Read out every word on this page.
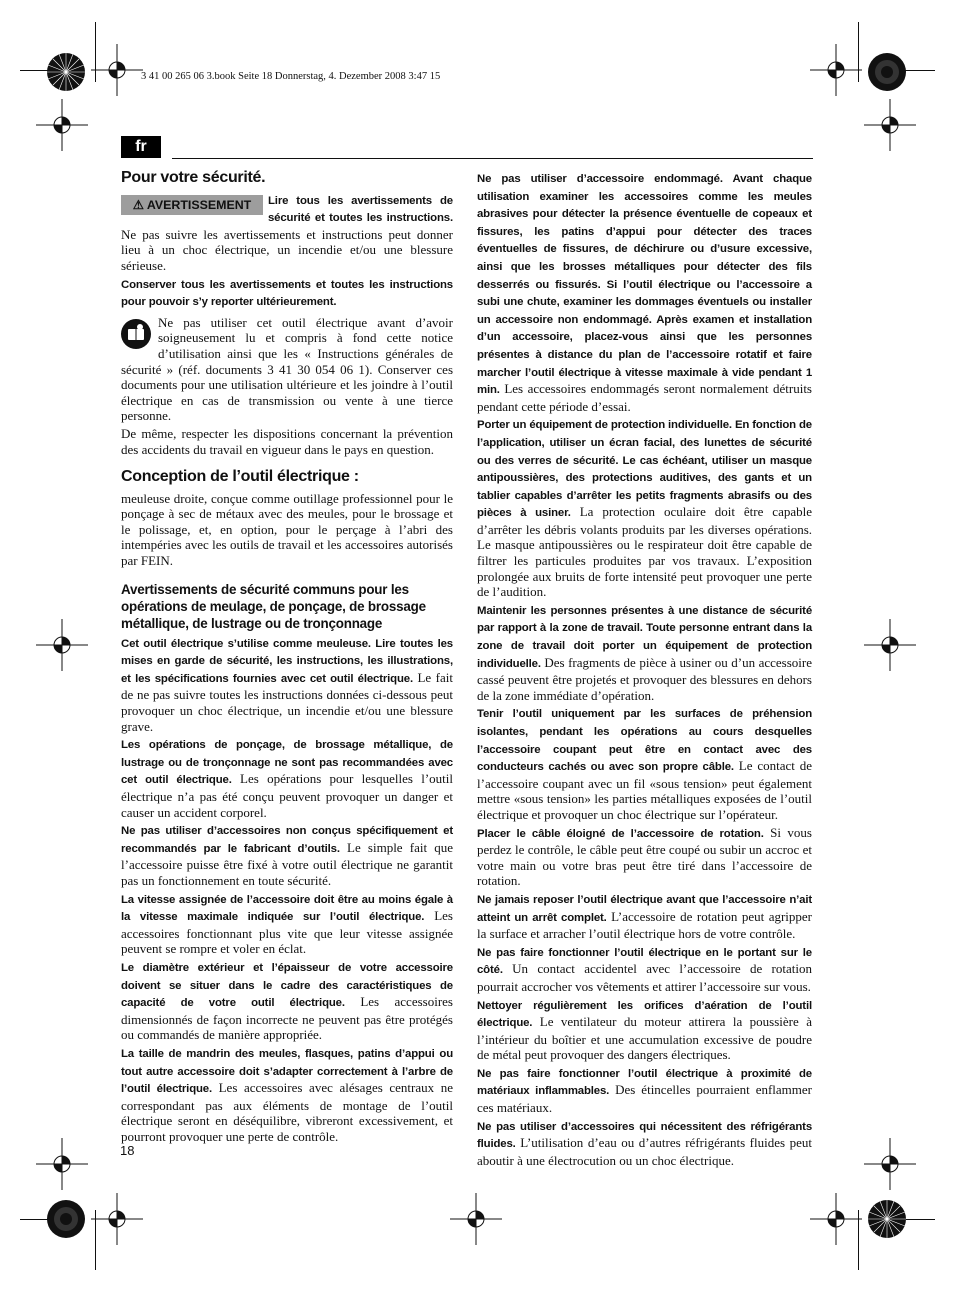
3 41 00 265 06 3.book Seite 18 Donnerstag, 4. Dezember 2008 3:47 15
fr
Pour votre sécurité.

⚠ AVERTISSEMENT	Lire tous les avertissements de sécurité et toutes les instructions. Ne pas suivre les avertissements et instructions peut donner lieu à un choc électrique, un incendie et/ou une blessure sérieuse.

Conserver tous les avertissements et toutes les instructions pour pouvoir s’y reporter ultérieurement.

Ne pas utiliser cet outil électrique avant d’avoir soigneusement lu et compris à fond cette notice d’utilisation ainsi que les « Instructions générales de sécurité » (réf. documents 3 41 30 054 06 1). Conserver ces documents pour une utilisation ultérieure et les joindre à l’outil électrique en cas de transmission ou vente à une tierce personne.

De même, respecter les dispositions concernant la prévention des accidents du travail en vigueur dans le pays en question.

Conception de l’outil électrique :

meuleuse droite, conçue comme outillage professionnel pour le ponçage à sec de métaux avec des meules, pour le brossage et le polissage, et, en option, pour le perçage à l’abri des intempéries avec les outils de travail et les accessoires autorisés par FEIN.

Avertissements de sécurité communs pour les opérations de meulage, de ponçage, de brossage métallique, de lustrage ou de tronçonnage

Cet outil électrique s’utilise comme meuleuse. Lire toutes les mises en garde de sécurité, les instructions, les illustrations, et les spécifications fournies avec cet outil électrique. Le fait de ne pas suivre toutes les instructions données ci-dessous peut provoquer un choc électrique, un incendie et/ou une blessure grave.

Les opérations de ponçage, de brossage métallique, de lustrage ou de tronçonnage ne sont pas recommandées avec cet outil électrique. Les opérations pour lesquelles l’outil électrique n’a pas été conçu peuvent provoquer un danger et causer un accident corporel.

Ne pas utiliser d’accessoires non conçus spécifiquement et recommandés par le fabricant d’outils. Le simple fait que l’accessoire puisse être fixé à votre outil électrique ne garantit pas un fonctionnement en toute sécurité.

La vitesse assignée de l’accessoire doit être au moins égale à la vitesse maximale indiquée sur l’outil électrique. Les accessoires fonctionnant plus vite que leur vitesse assignée peuvent se rompre et voler en éclat.

Le diamètre extérieur et l’épaisseur de votre accessoire doivent se situer dans le cadre des caractéristiques de capacité de votre outil électrique. Les accessoires dimensionnés de façon incorrecte ne peuvent pas être protégés ou commandés de manière appropriée.

La taille de mandrin des meules, flasques, patins d’appui ou tout autre accessoire doit s’adapter correctement à l’arbre de l’outil électrique. Les accessoires avec alésages centraux ne correspondant pas aux éléments de montage de l’outil électrique seront en déséquilibre, vibreront excessivement, et pourront provoquer une perte de contrôle.

Ne pas utiliser d’accessoire endommagé. Avant chaque utilisation examiner les accessoires comme les meules abrasives pour détecter la présence éventuelle de copeaux et fissures, les patins d’appui pour détecter des traces éventuelles de fissures, de déchirure ou d’usure excessive, ainsi que les brosses métalliques pour détecter des fils desserrés ou fissurés. Si l’outil électrique ou l’accessoire a subi une chute, examiner les dommages éventuels ou installer un accessoire non endommagé. Après examen et installation d’un accessoire, placez-vous ainsi que les personnes présentes à distance du plan de l’accessoire rotatif et faire marcher l’outil électrique à vitesse maximale à vide pendant 1 min. Les accessoires endommagés seront normalement détruits pendant cette période d’essai.

Porter un équipement de protection individuelle. En fonction de l’application, utiliser un écran facial, des lunettes de sécurité ou des verres de sécurité. Le cas échéant, utiliser un masque antipoussières, des protections auditives, des gants et un tablier capables d’arrêter les petits fragments abrasifs ou des pièces à usiner. La protection oculaire doit être capable d’arrêter les débris volants produits par les diverses opérations. Le masque antipoussières ou le respirateur doit être capable de filtrer les particules produites par vos travaux. L’exposition prolongée aux bruits de forte intensité peut provoquer une perte de l’audition.

Maintenir les personnes présentes à une distance de sécurité par rapport à la zone de travail. Toute personne entrant dans la zone de travail doit porter un équipement de protection individuelle. Des fragments de pièce à usiner ou d’un accessoire cassé peuvent être projetés et provoquer des blessures en dehors de la zone immédiate d’opération.

Tenir l’outil uniquement par les surfaces de préhension isolantes, pendant les opérations au cours desquelles l’accessoire coupant peut être en contact avec des conducteurs cachés ou avec son propre câble. Le contact de l’accessoire coupant avec un fil «sous tension» peut également mettre «sous tension» les parties métalliques exposées de l’outil électrique et provoquer un choc électrique sur l’opérateur.

Placer le câble éloigné de l’accessoire de rotation. Si vous perdez le contrôle, le câble peut être coupé ou subir un accroc et votre main ou votre bras peut être tiré dans l’accessoire de rotation.

Ne jamais reposer l’outil électrique avant que l’accessoire n’ait atteint un arrêt complet. L’accessoire de rotation peut agripper la surface et arracher l’outil électrique hors de votre contrôle.

Ne pas faire fonctionner l’outil électrique en le portant sur le côté. Un contact accidentel avec l’accessoire de rotation pourrait accrocher vos vêtements et attirer l’accessoire sur vous.

Nettoyer régulièrement les orifices d’aération de l’outil électrique. Le ventilateur du moteur attirera la poussière à l’intérieur du boîtier et une accumulation excessive de poudre de métal peut provoquer des dangers électriques.

Ne pas faire fonctionner l’outil électrique à proximité de matériaux inflammables. Des étincelles pourraient enflammer ces matériaux.

Ne pas utiliser d’accessoires qui nécessitent des réfrigérants fluides. L’utilisation d’eau ou d’autres réfrigérants fluides peut aboutir à une électrocution ou un choc électrique.

18
